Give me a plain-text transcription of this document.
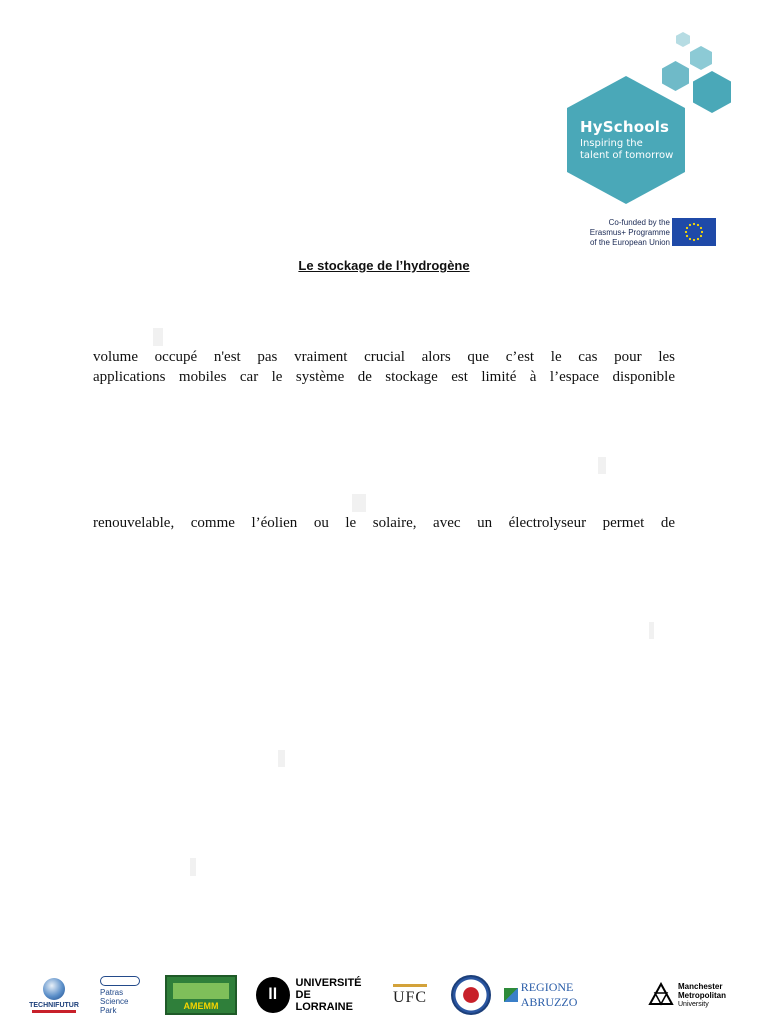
HySchools
Inspiring the
talent of tomorrow
Co-funded by the
Erasmus+ Programme
of the European Union
Le stockage de l’hydrogène
volume occupé n'est pas vraiment crucial alors que c’est le cas pour les
applications mobiles car le système de stockage est limité à l’espace disponible
renouvelable, comme l’éolien ou le solaire, avec un électrolyseur permet de
TECHNIFUTUR
Patras
Science
Park	AMEMM
ll
UNIVERSITÉ
DE LORRAINE
UFC
REGIONE ABRUZZO
Manchester
Metropolitan
University
